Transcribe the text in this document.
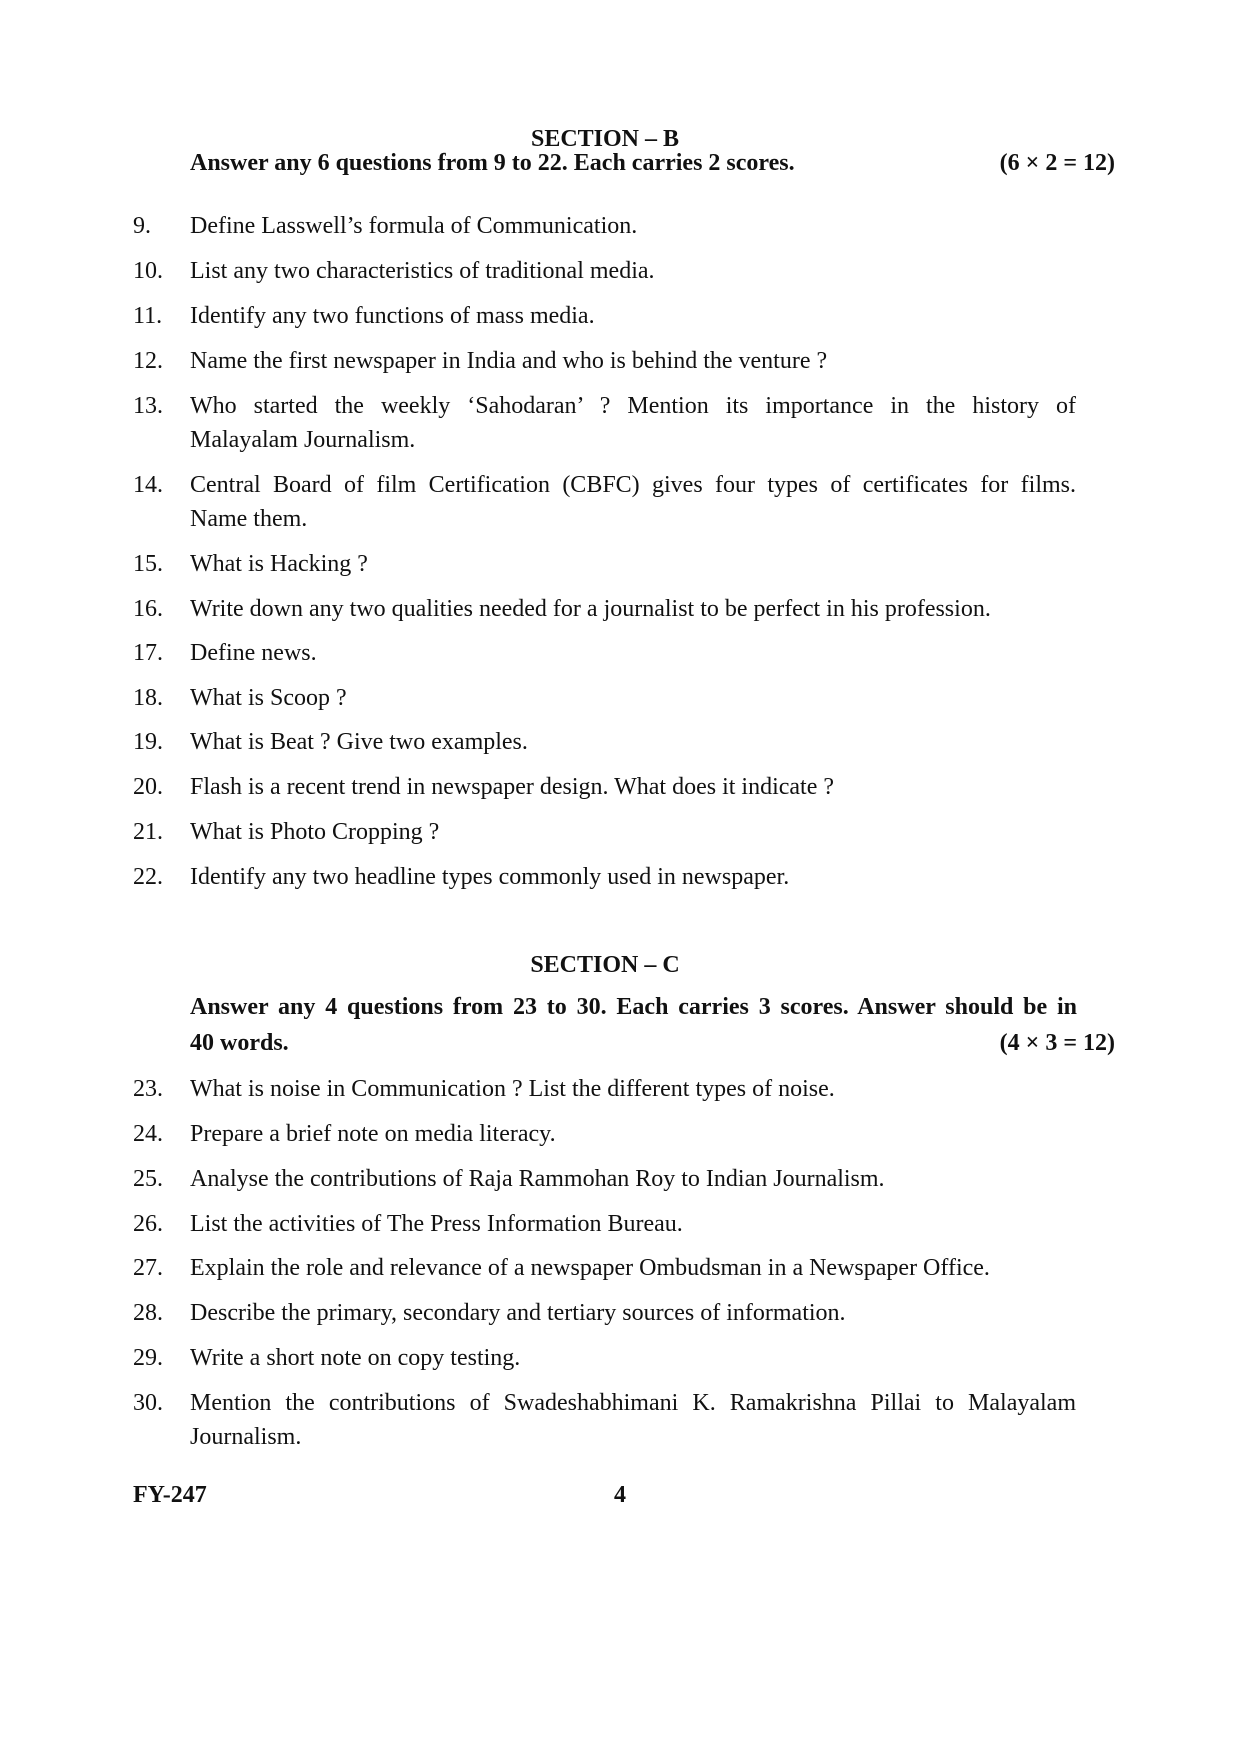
SECTION – B
Answer any 6 questions from 9 to 22. Each carries 2 scores.	(6 × 2 = 12)
9.	Define Lasswell’s formula of Communication.
10.	List any two characteristics of traditional media.
11.	Identify any two functions of mass media.
12.	Name the first newspaper in India and who is behind the venture ?
13.	Who started the weekly ‘Sahodaran’ ? Mention its importance in the history of
Malayalam Journalism.
14.	Central Board of film Certification (CBFC) gives four types of certificates for films.
Name them.
15.	What is Hacking ?
16.	Write down any two qualities needed for a journalist to be perfect in his profession.
17.	Define news.
18.	What is Scoop ?
19.	What is Beat ? Give two examples.
20.	Flash is a recent trend in newspaper design. What does it indicate ?
21.	What is Photo Cropping ?
22.	Identify any two headline types commonly used in newspaper.
SECTION – C
Answer any 4 questions from 23 to 30. Each carries 3 scores. Answer should be in
40 words.	(4 × 3 = 12)
23.	What is noise in Communication ? List the different types of noise.
24.	Prepare a brief note on media literacy.
25.	Analyse the contributions of Raja Rammohan Roy to Indian Journalism.
26.	List the activities of The Press Information Bureau.
27.	Explain the role and relevance of a newspaper Ombudsman in a Newspaper Office.
28.	Describe the primary, secondary and tertiary sources of information.
29.	Write a short note on copy testing.
30.	Mention the contributions of Swadeshabhimani K. Ramakrishna Pillai to Malayalam
Journalism.
FY-247	4
